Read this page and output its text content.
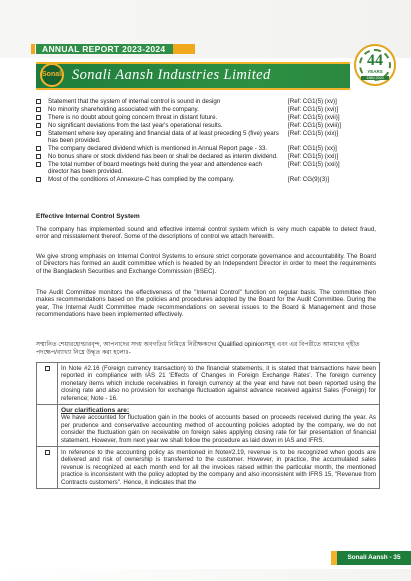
ANNUAL REPORT 2023-2024
Sonali Sonali Aansh Industries Limited
44
YEARS
1980-2024
Statement that the system of internal control is sound in design	[Ref: CG1(5) (xv)]
No minority shareholding associated with the company.	[Ref: CG1(5) (xvi)]
There is no doubt about going concern threat in distant future.	[Ref: CG1(5) (xvii)]
No significant deviations from the last year's operational results.	[Ref: CG1(5) (xviii)]
Statement where key operating and financial data of at least preceding 5 (five) years has been provided.
[Ref: CG1(5) (xix)]
The company declared dividend which is mentioned in Annual Report page - 33.	[Ref: CG1(5) (xx)]
No bonus share or stock dividend has been or shall be declared as interim dividend.	[Ref: CG1(5) (xxi)]
The total number of board meetings held during the year and attendence each director has been provided.
[Ref: CG1(5) (xxii)]
Most of the conditions of Annexure-C has complied by the company.	[Ref: CG(9)(3)]
Effective Internal Control System
The company has implemented sound and effective internal control system which is very much capable to detect fraud, error and misstatement thereof. Some of the descriptions of control we attach herewith.
We give strong emphasis on Internal Control Systems to ensure strict corporate governance and accountability. The Board of Directors has formed an audit committee which is headed by an Independent Director in order to meet the requirements of the Bangladesh Securities and Exchange Commission (BSEC).
The Audit Committee monitors the effectiveness of the "Internal Control" function on regular basis. The committee then makes recommendations based on the policies and procedures adopted by the Board for the Audit Committee. During the year, The Internal Audit Committee made recommendations on several issues to the Board & Management and those recommendations have been implemented effectively.
সম্মানিত শেয়ারহোল্ডারবৃন্দ, আপনাদের সদয় অবগতির নিমিত্তে নিরীক্ষকদের Qualified opinionসমূহ এবং এর বিপরীতে আমাদের গৃহীত পদক্ষেপ/ব্যাখ্যা নিম্নে উদ্ধৃত করা হলোঃ-
	In Note #2.16 (Foreign currency transaction) to the financial statements, it is stated that transactions have been reported in compliance with IAS 21 'Effects of Changes in Foreign Exchange Rates'. The foreign currency monetary items which include receivables in foreign currency at the year end have not been reported using the closing rate and also no provision for exchange fluctuation against advance received against Sales (Foreign) for reference; Note - 16.

	Our clarifications are:
We have accounted for fluctuation gain in the books of accounts based on proceeds received during the year. As per prudence and conservative accounting method of accounting policies adopted by the company, we do not consider the fluctuation gain on receivable on foreign sales applying closing rate for fair presentation of financial statement. However, from next year we shall follow the procedure as laid down in IAS and IFRS.

	In reference to the accounting policy as mentioned in Note#2.19, revenue is to be recognized when goods are delivered and risk of ownership is transferred to the customer. However, in practice, the accumulated sales revenue is recognized at each month end for all the invoices raised within the particular month, the mentioned practice is inconsistent with the policy adopted by the company and also inconsistent with IFRS 15, "Revenue from Contracts customers". Hence, it indicates that the
Sonali Aansh - 35
